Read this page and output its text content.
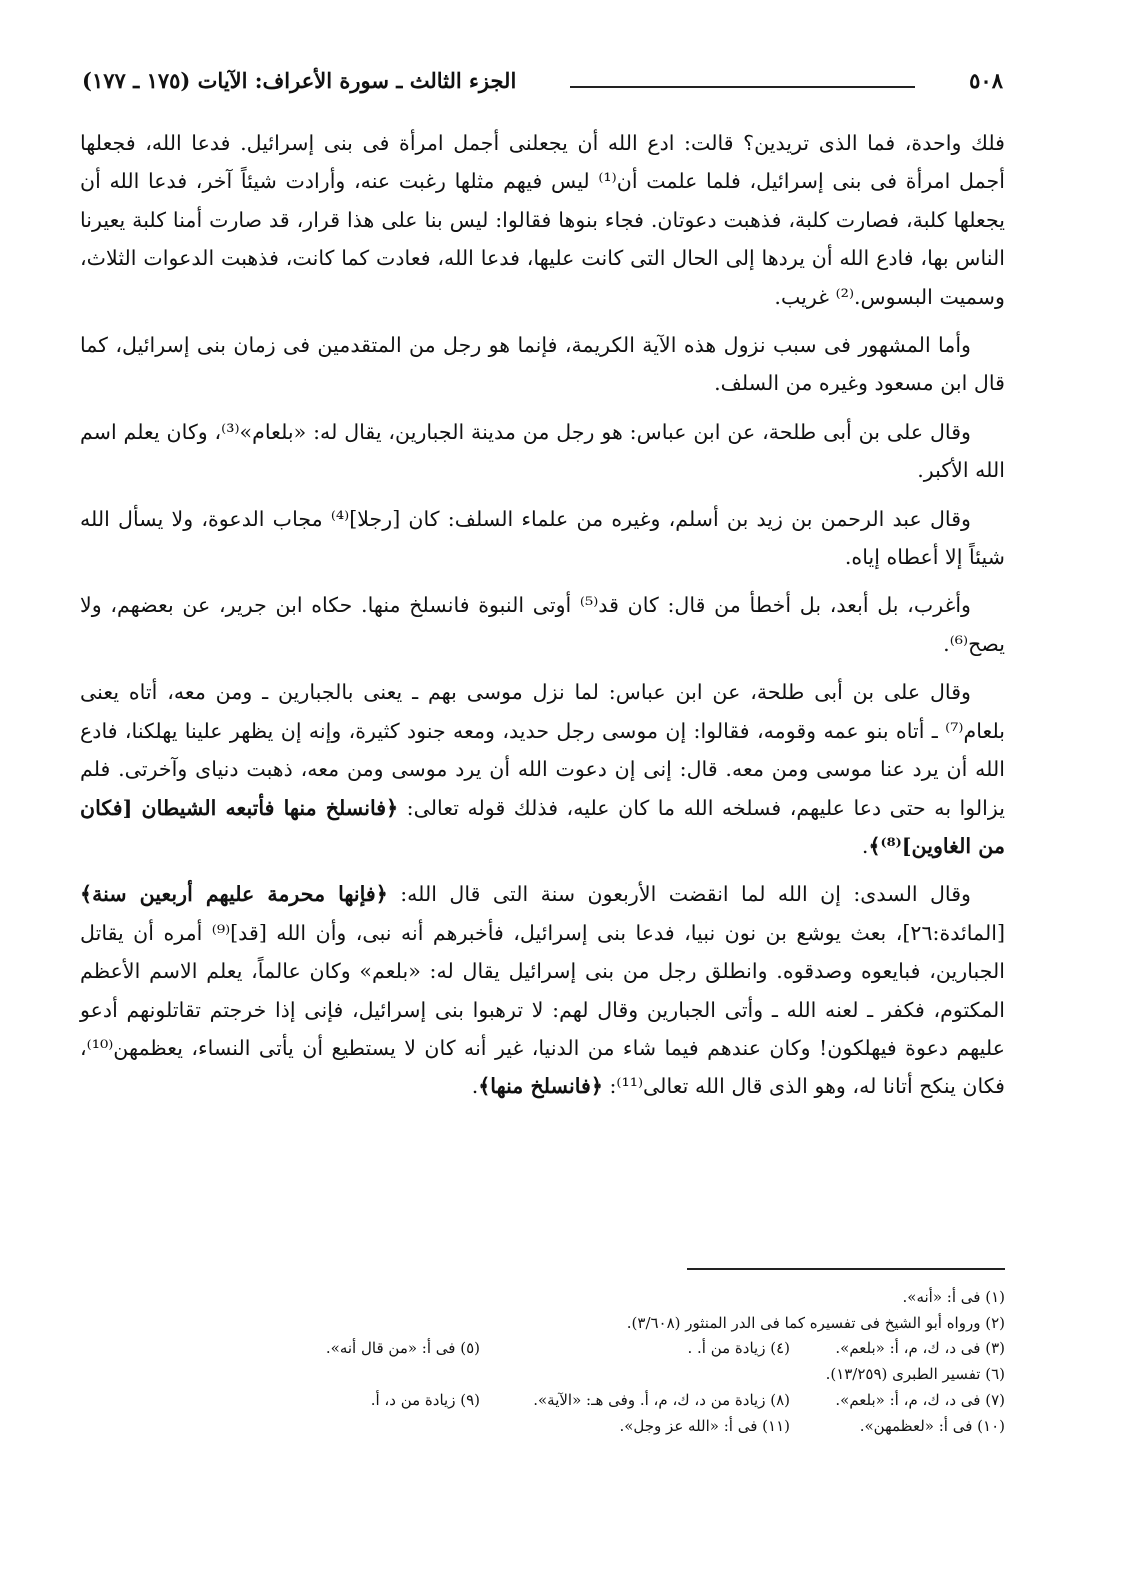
٥٠٨
الجزء الثالث ـ سورة الأعراف: الآيات (١٧٥ ـ ١٧٧)

فلك واحدة، فما الذى تريدين؟ قالت: ادع الله أن يجعلنى أجمل امرأة فى بنى إسرائيل. فدعا الله، فجعلها أجمل امرأة فى بنى إسرائيل، فلما علمت أن⁽¹⁾ ليس فيهم مثلها رغبت عنه، وأرادت شيئاً آخر، فدعا الله أن يجعلها كلبة، فصارت كلبة، فذهبت دعوتان. فجاء بنوها فقالوا: ليس بنا على هذا قرار، قد صارت أمنا كلبة يعيرنا الناس بها، فادع الله أن يردها إلى الحال التى كانت عليها، فدعا الله، فعادت كما كانت، فذهبت الدعوات الثلاث، وسميت البسوس.⁽²⁾ غريب.

وأما المشهور فى سبب نزول هذه الآية الكريمة، فإنما هو رجل من المتقدمين فى زمان بنى إسرائيل، كما قال ابن مسعود وغيره من السلف.

وقال على بن أبى طلحة، عن ابن عباس: هو رجل من مدينة الجبارين، يقال له: «بلعام»⁽³⁾، وكان يعلم اسم الله الأكبر.

وقال عبد الرحمن بن زيد بن أسلم، وغيره من علماء السلف: كان [رجلا]⁽⁴⁾ مجاب الدعوة، ولا يسأل الله شيئاً إلا أعطاه إياه.

وأغرب، بل أبعد، بل أخطأ من قال: كان قد⁽⁵⁾ أوتى النبوة فانسلخ منها. حكاه ابن جرير، عن بعضهم، ولا يصح⁽⁶⁾.

وقال على بن أبى طلحة، عن ابن عباس: لما نزل موسى بهم ـ يعنى بالجبارين ـ ومن معه، أتاه يعنى بلعام⁽⁷⁾ ـ أتاه بنو عمه وقومه، فقالوا: إن موسى رجل حديد، ومعه جنود كثيرة، وإنه إن يظهر علينا يهلكنا، فادع الله أن يرد عنا موسى ومن معه. قال: إنى إن دعوت الله أن يرد موسى ومن معه، ذهبت دنياى وآخرتى. فلم يزالوا به حتى دعا عليهم، فسلخه الله ما كان عليه، فذلك قوله تعالى: ﴿فانسلخ منها فأتبعه الشيطان [فكان من الغاوين]⁽⁸⁾﴾.

وقال السدى: إن الله لما انقضت الأربعون سنة التى قال الله: ﴿فإنها محرمة عليهم أربعين سنة﴾ [المائدة:٢٦]، بعث يوشع بن نون نبيا، فدعا بنى إسرائيل، فأخبرهم أنه نبى، وأن الله [قد]⁽⁹⁾ أمره أن يقاتل الجبارين، فبايعوه وصدقوه. وانطلق رجل من بنى إسرائيل يقال له: «بلعم» وكان عالماً، يعلم الاسم الأعظم المكتوم، فكفر ـ لعنه الله ـ وأتى الجبارين وقال لهم: لا ترهبوا بنى إسرائيل، فإنى إذا خرجتم تقاتلونهم أدعو عليهم دعوة فيهلكون! وكان عندهم فيما شاء من الدنيا، غير أنه كان لا يستطيع أن يأتى النساء، يعظمهن⁽¹⁰⁾، فكان ينكح أتانا له، وهو الذى قال الله تعالى⁽¹¹⁾: ﴿فانسلخ منها﴾.

(١) فى أ: «أنه».
(٢) ورواه أبو الشيخ فى تفسيره كما فى الدر المنثور (٣/٦٠٨).
(٣) فى د، ك، م، أ: «بلعم».
(٤) زيادة من أ. .
(٥) فى أ: «من قال أنه».
(٦) تفسير الطبرى (١٣/٢٥٩).
(٧) فى د، ك، م، أ: «بلعم».
(٨) زيادة من د، ك، م، أ. وفى هـ: «الآية».
(٩) زيادة من د، أ.
(١٠) فى أ: «لعظمهن».
(١١) فى أ: «الله عز وجل».
